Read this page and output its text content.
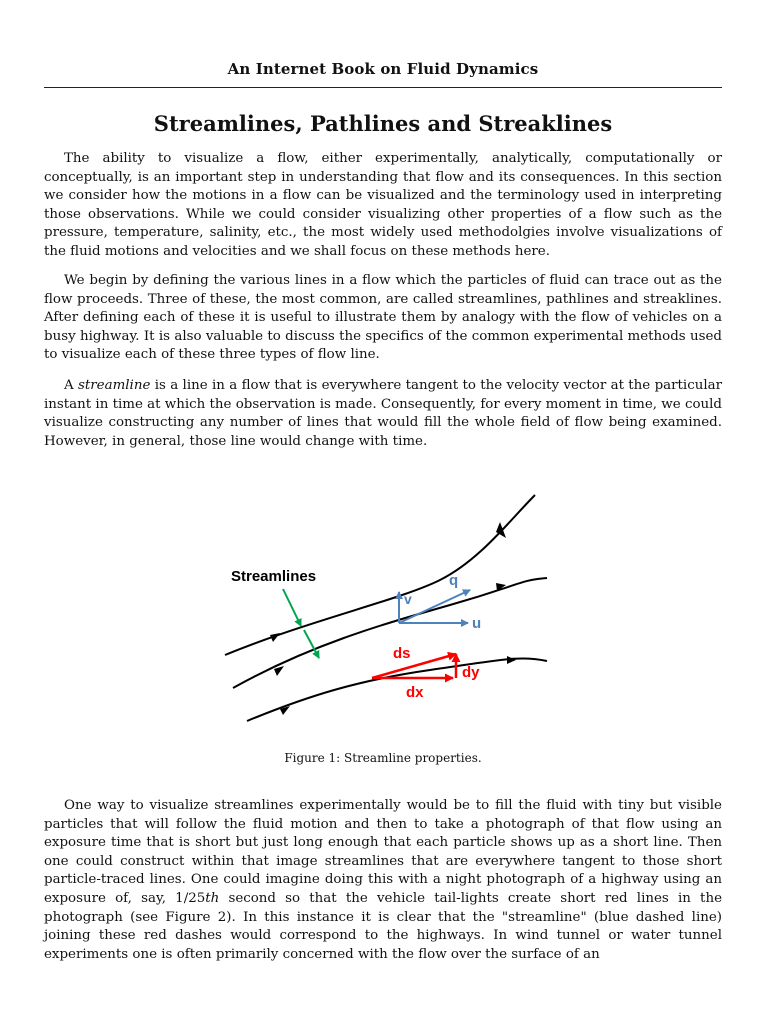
An Internet Book on Fluid Dynamics
Streamlines, Pathlines and Streaklines

The ability to visualize a flow, either experimentally, analytically, computationally or conceptually, is an important step in understanding that flow and its consequences. In this section we consider how the motions in a flow can be visualized and the terminology used in interpreting those observations. While we could consider visualizing other properties of a flow such as the pressure, temperature, salinity, etc., the most widely used methodolgies involve visualizations of the fluid motions and velocities and we shall focus on these methods here.

We begin by defining the various lines in a flow which the particles of fluid can trace out as the flow proceeds. Three of these, the most common, are called streamlines, pathlines and streaklines. After defining each of these it is useful to illustrate them by analogy with the flow of vehicles on a busy highway. It is also valuable to discuss the specifics of the common experimental methods used to visualize each of these three types of flow line.

A streamline is a line in a flow that is everywhere tangent to the velocity vector at the particular instant in time at which the observation is made. Consequently, for every moment in time, we could visualize constructing any number of lines that would fill the whole field of flow being examined. However, in general, those line would change with time.

Streamlines
v
q
u
ds
dy
dx
Figure 1: Streamline properties.

One way to visualize streamlines experimentally would be to fill the fluid with tiny but visible particles that will follow the fluid motion and then to take a photograph of that flow using an exposure time that is short but just long enough that each particle shows up as a short line. Then one could construct within that image streamlines that are everywhere tangent to those short particle-traced lines. One could imagine doing this with a night photograph of a highway using an exposure of, say, 1/25th second so that the vehicle tail-lights create short red lines in the photograph (see Figure 2). In this instance it is clear that the "streamline" (blue dashed line) joining these red dashes would correspond to the highways. In wind tunnel or water tunnel experiments one is often primarily concerned with the flow over the surface of an
